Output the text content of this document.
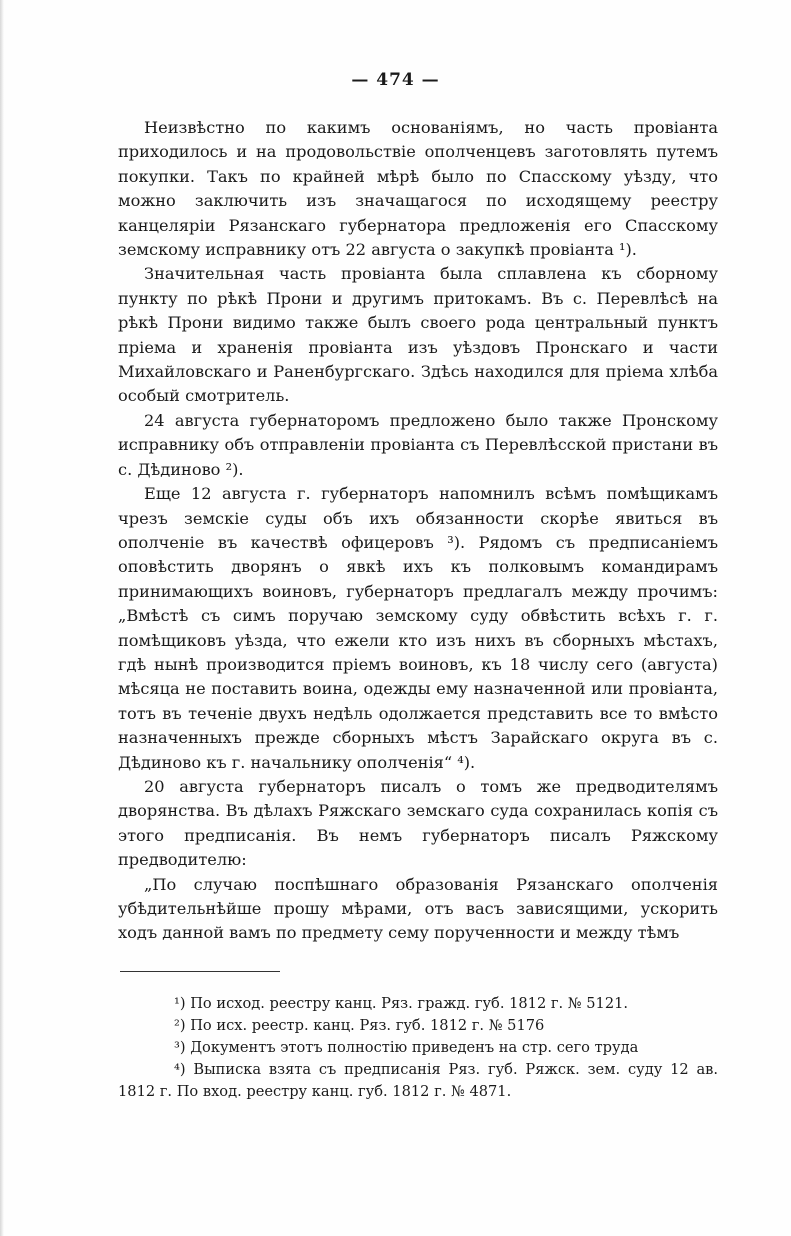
— 474 —

Неизвѣстно по какимъ основаніямъ, но часть провіанта приходилось и на продовольствіе ополченцевъ заготовлять путемъ покупки. Такъ по крайней мѣрѣ было по Спасскому уѣзду, что можно заключить изъ значащагося по исходящему реестру канцеляріи Рязанскаго губернатора предложенія его Спасскому земскому исправнику отъ 22 августа о закупкѣ провіанта ¹).

Значительная часть провіанта была сплавлена къ сборному пункту по рѣкѣ Прони и другимъ притокамъ. Въ с. Перевлѣсѣ на рѣкѣ Прони видимо также былъ своего рода центральный пунктъ пріема и храненія провіанта изъ уѣздовъ Пронскаго и части Михайловскаго и Раненбургскаго. Здѣсь находился для пріема хлѣба особый смотритель.

24 августа губернаторомъ предложено было также Пронскому исправнику объ отправленіи провіанта съ Перевлѣсской пристани въ с. Дѣдиново ²).

Еще 12 августа г. губернаторъ напомнилъ всѣмъ помѣщикамъ чрезъ земскіе суды объ ихъ обязанности скорѣе явиться въ ополченіе въ качествѣ офицеровъ ³). Рядомъ съ предписаніемъ оповѣстить дворянъ о явкѣ ихъ къ полковымъ командирамъ принимающихъ воиновъ, губернаторъ предлагалъ между прочимъ: „Вмѣстѣ съ симъ поручаю земскому суду обвѣстить всѣхъ г. г. помѣщиковъ уѣзда, что ежели кто изъ нихъ въ сборныхъ мѣстахъ, гдѣ нынѣ производится пріемъ воиновъ, къ 18 числу сего (августа) мѣсяца не поставить воина, одежды ему назначенной или провіанта, тотъ въ теченіе двухъ недѣль одолжается представить все то вмѣсто назначенныхъ прежде сборныхъ мѣстъ Зарайскаго округа въ с. Дѣдиново къ г. начальнику ополченія“ ⁴).

20 августа губернаторъ писалъ о томъ же предводителямъ дворянства. Въ дѣлахъ Ряжскаго земскаго суда сохранилась копія съ этого предписанія. Въ немъ губернаторъ писалъ Ряжскому предводителю:

„По случаю поспѣшнаго образованія Рязанскаго ополченія убѣдительнѣйше прошу мѣрами, отъ васъ зависящими, ускорить ходъ данной вамъ по предмету сему порученности и между тѣмъ

¹) По исход. реестру канц. Ряз. гражд. губ. 1812 г. № 5121.

²) По исх. реестр. канц. Ряз. губ. 1812 г. № 5176

³) Документъ этотъ полностію приведенъ на стр. сего труда

⁴) Выписка взята съ предписанія Ряз. губ. Ряжск. зем. суду 12 ав. 1812 г. По вход. реестру канц. губ. 1812 г. № 4871.
